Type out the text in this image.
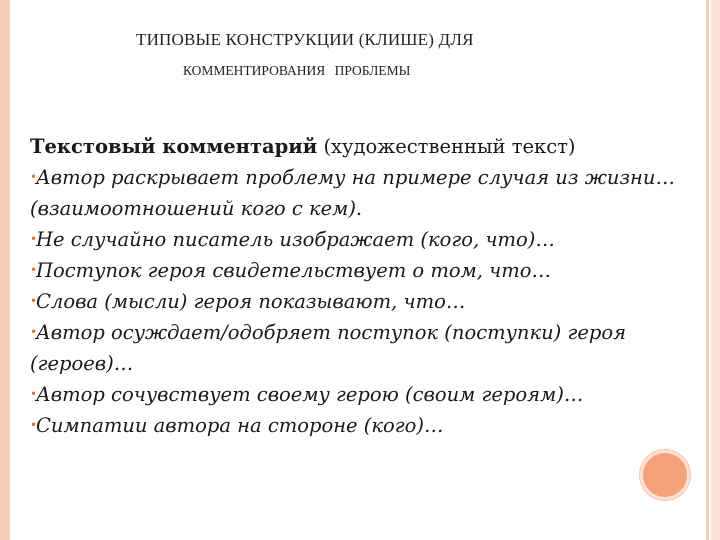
ТИПОВЫЕ КОНСТРУКЦИИ (КЛИШЕ) ДЛЯ
КОММЕНТИРОВАНИЯ ПРОБЛЕМЫ
Текстовый комментарий (художественный текст)
•Автор раскрывает проблему на примере случая из жизни… (взаимоотношений кого с кем).
•Не случайно писатель изображает (кого, что)…
•Поступок героя свидетельствует о том, что…
•Слова (мысли) героя показывают, что…
•Автор осуждает/одобряет поступок (поступки) героя (героев)…
•Автор сочувствует своему герою (своим героям)…
•Симпатии автора на стороне (кого)…
